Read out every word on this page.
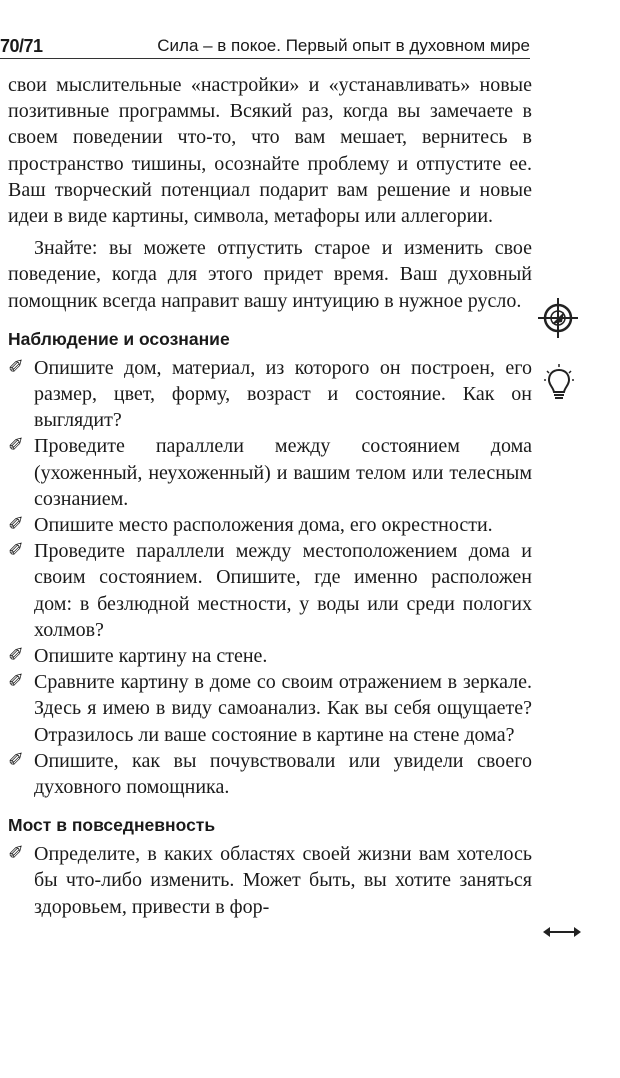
70/71	Сила – в покое. Первый опыт в духовном мире

свои мыслительные «настройки» и «устанавливать» новые позитивные программы. Всякий раз, когда вы замечаете в своем поведении что-то, что вам мешает, вернитесь в пространство тишины, осознайте проблему и отпустите ее. Ваш творческий потенциал подарит вам решение и новые идеи в виде картины, символа, метафоры или аллегории.

Знайте: вы можете отпустить старое и изменить свое поведение, когда для этого придет время. Ваш духовный помощник всегда направит вашу интуицию в нужное русло.

Наблюдение и осознание
✐ Опишите дом, материал, из которого он построен, его размер, цвет, форму, возраст и состояние. Как он выглядит?
✐ Проведите параллели между состоянием дома (ухоженный, неухоженный) и вашим телом или телесным сознанием.
✐ Опишите место расположения дома, его окрестности.
✐ Проведите параллели между местоположением дома и своим состоянием. Опишите, где именно расположен дом: в безлюдной местности, у воды или среди пологих холмов?
✐ Опишите картину на стене.
✐ Сравните картину в доме со своим отражением в зеркале. Здесь я имею в виду самоанализ. Как вы себя ощущаете? Отразилось ли ваше состояние в картине на стене дома?
✐ Опишите, как вы почувствовали или увидели своего духовного помощника.
Мост в повседневность
✐ Определите, в каких областях своей жизни вам хотелось бы что-либо изменить. Может быть, вы хотите заняться здоровьем, привести в фор-
